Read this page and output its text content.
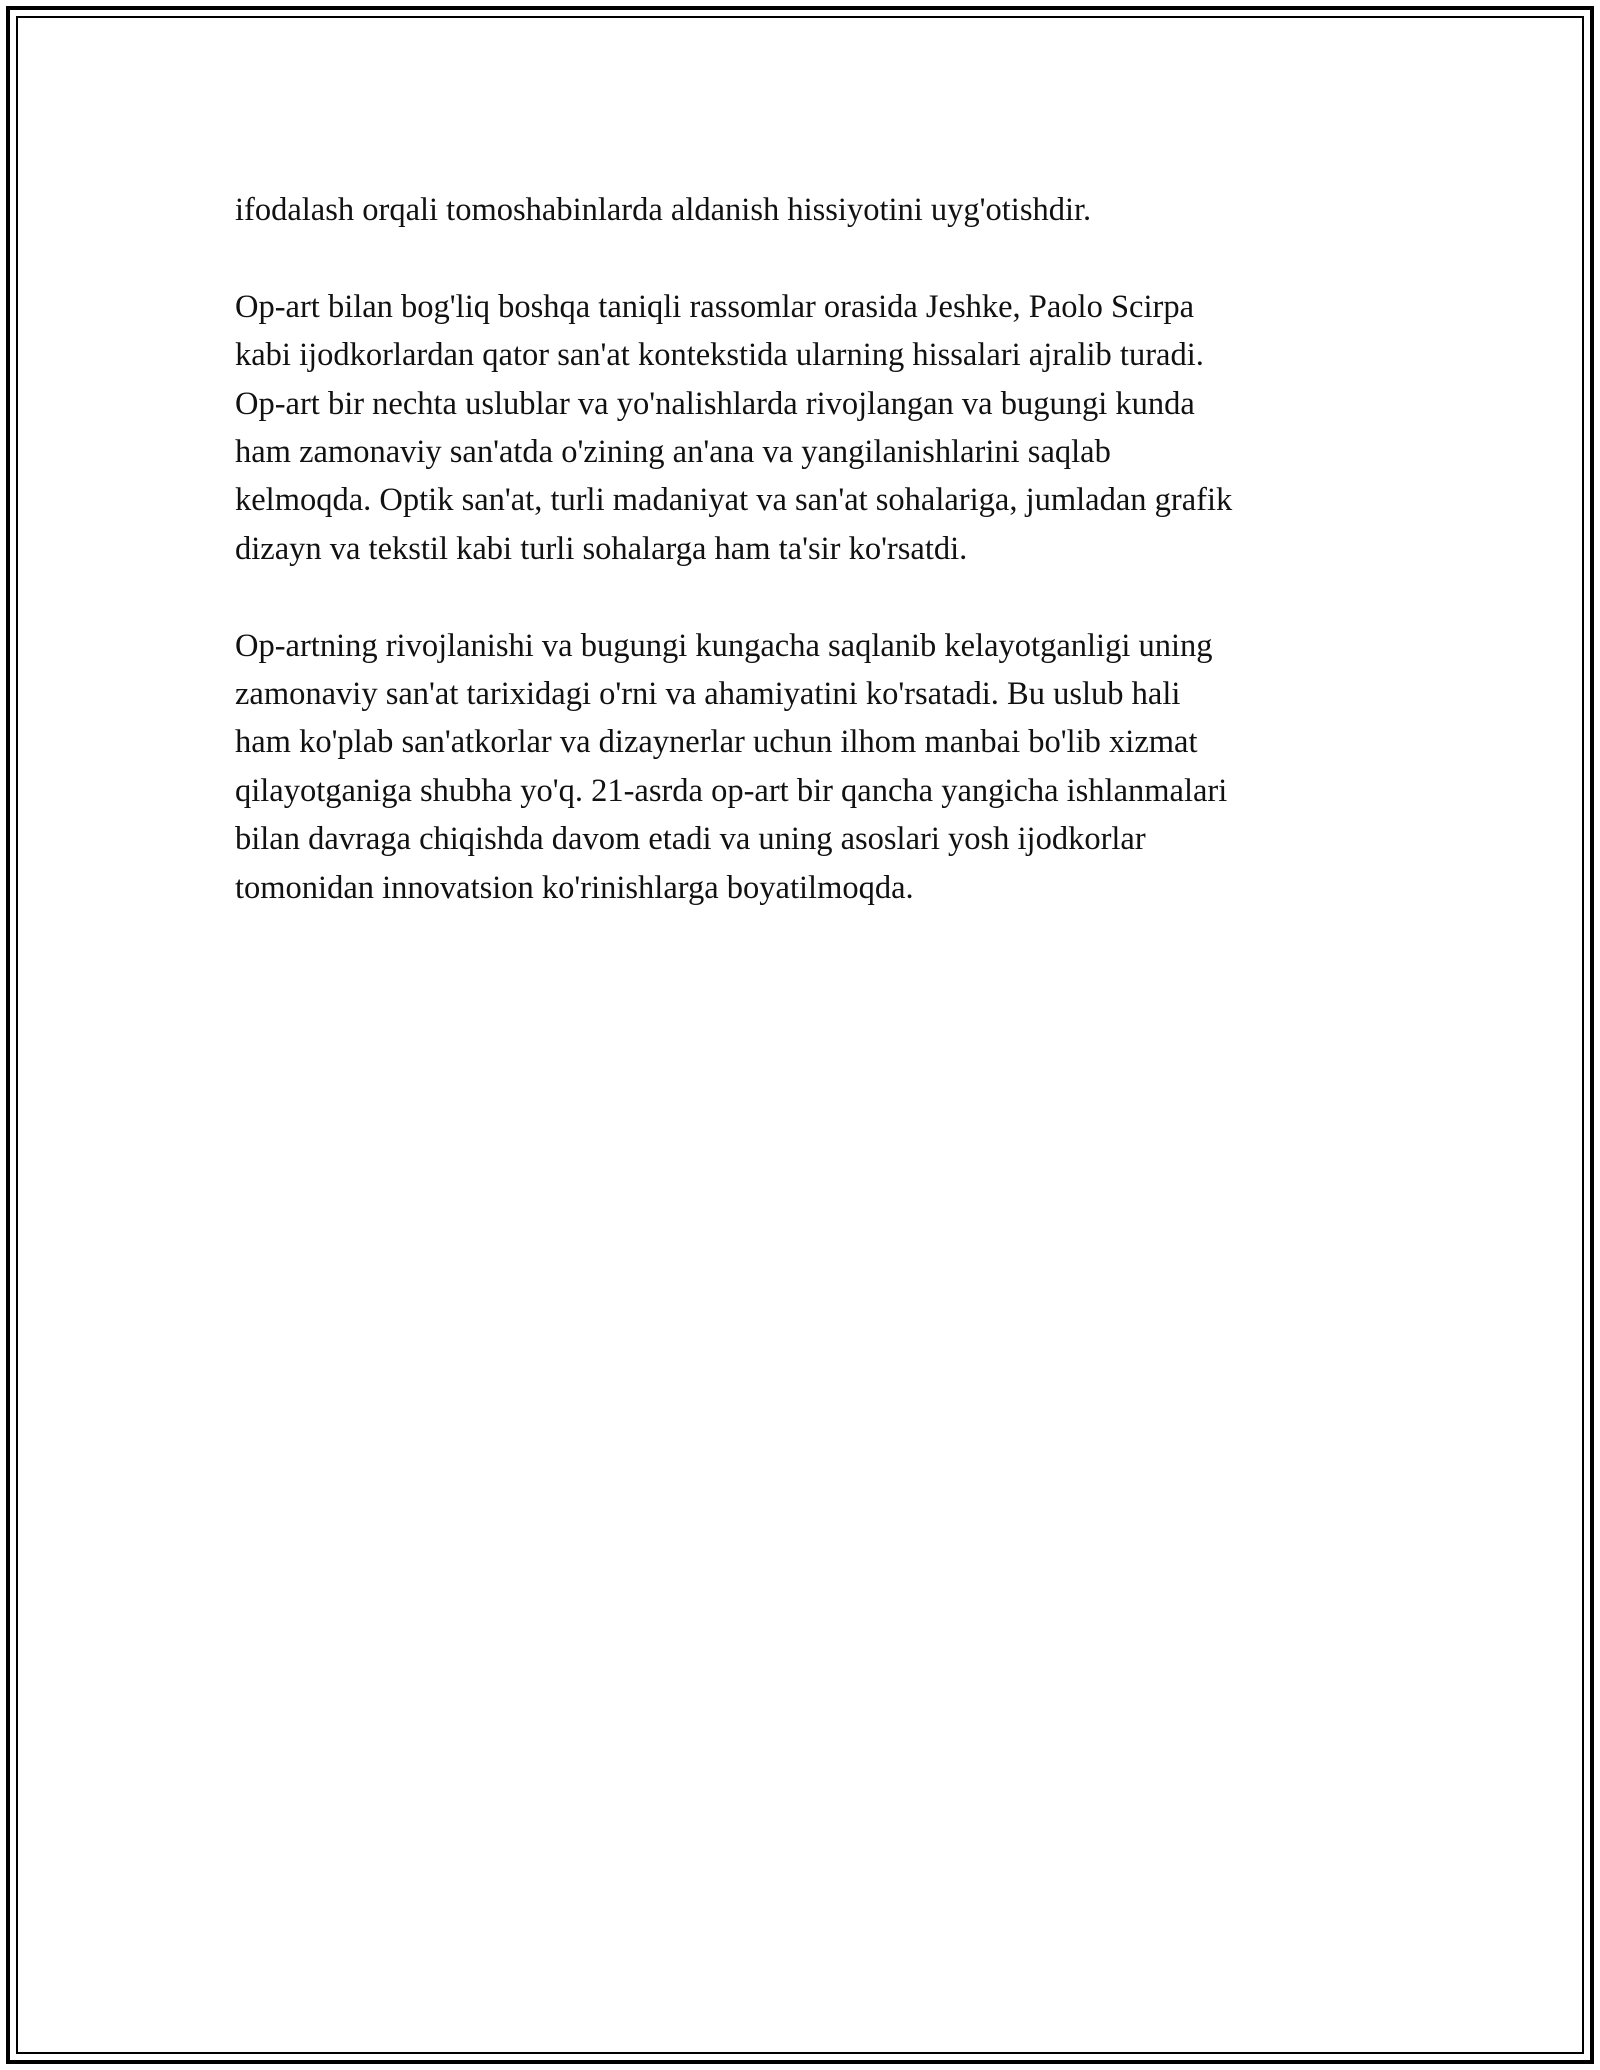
ifodalash orqali tomoshabinlarda aldanish hissiyotini uyg'otishdir.

Op-art bilan bog'liq boshqa taniqli rassomlar orasida Jeshke, Paolo Scirpa
kabi ijodkorlardan qator san'at kontekstida ularning hissalari ajralib turadi.
Op-art bir nechta uslublar va yo'nalishlarda rivojlangan va bugungi kunda
ham zamonaviy san'atda o'zining an'ana va yangilanishlarini saqlab
kelmoqda. Optik san'at, turli madaniyat va san'at sohalariga, jumladan grafik
dizayn va tekstil kabi turli sohalarga ham ta'sir ko'rsatdi.

Op-artning rivojlanishi va bugungi kungacha saqlanib kelayotganligi uning
zamonaviy san'at tarixidagi o'rni va ahamiyatini ko'rsatadi. Bu uslub hali
ham ko'plab san'atkorlar va dizaynerlar uchun ilhom manbai bo'lib xizmat
qilayotganiga shubha yo'q. 21-asrda op-art bir qancha yangicha ishlanmalari
bilan davraga chiqishda davom etadi va uning asoslari yosh ijodkorlar
tomonidan innovatsion ko'rinishlarga boyatilmoqda.
